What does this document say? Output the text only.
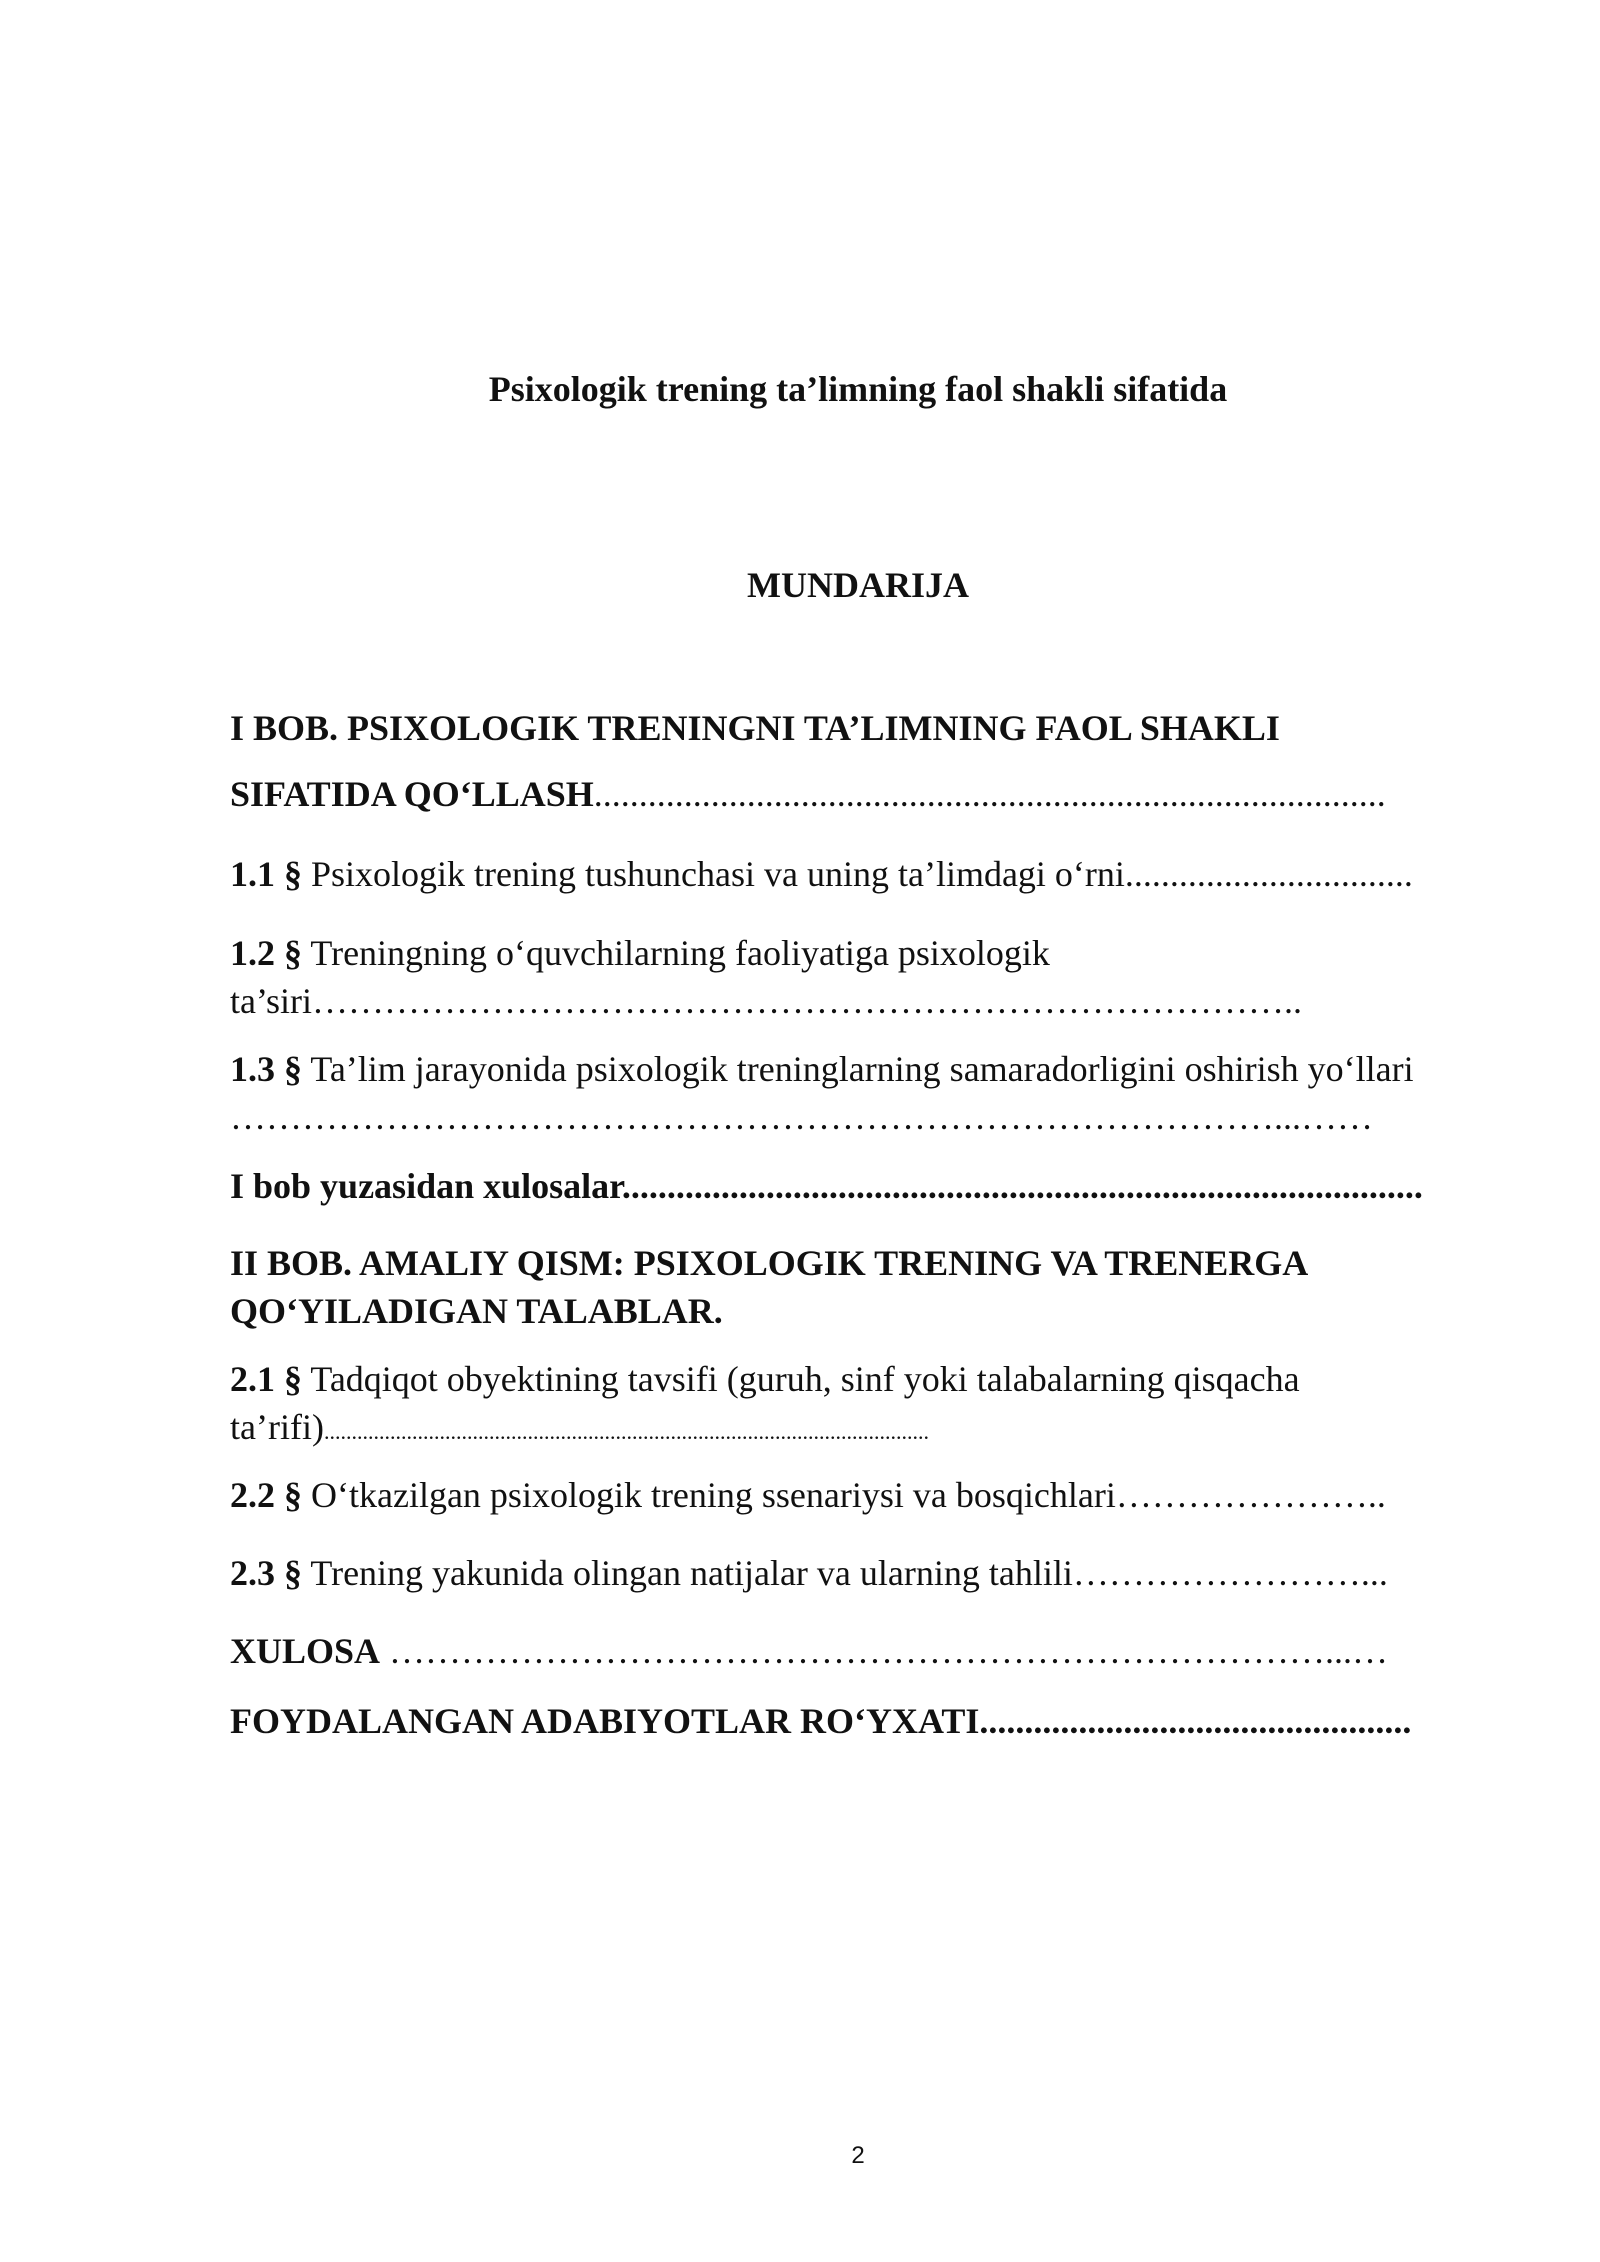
Psixologik trening ta’limning faol shakli sifatida
MUNDARIJA
I BOB. PSIXOLOGIK TRENINGNI TA’LIMNING FAOL SHAKLI
SIFATIDA QO‘LLASH........................................................................................
1.1 § Psixologik trening tushunchasi va uning ta’limdagi o‘rni................................
1.2 § Treningning o‘quvchilarning faoliyatiga psixologik
ta’siri………………………………………………………………………..
1.3 § Ta’lim jarayonida psixologik treninglarning samaradorligini oshirish yo‘llari
……………………………………………………………………………...……
I bob yuzasidan xulosalar.........................................................................................
II BOB. AMALIY QISM: PSIXOLOGIK TRENING VA TRENERGA
QO‘YILADIGAN TALABLAR.
2.1 § Tadqiqot obyektining tavsifi (guruh, sinf yoki talabalarning qisqacha
ta’rifi)..............................................................................................................
2.2 § O‘tkazilgan psixologik trening ssenariysi va bosqichlari…………………..
2.3 § Trening yakunida olingan natijalar va ularning tahlili……………………...
XULOSA ……………………………………………………………………...…
FOYDALANGAN ADABIYOTLAR RO‘YXATI................................................
2
